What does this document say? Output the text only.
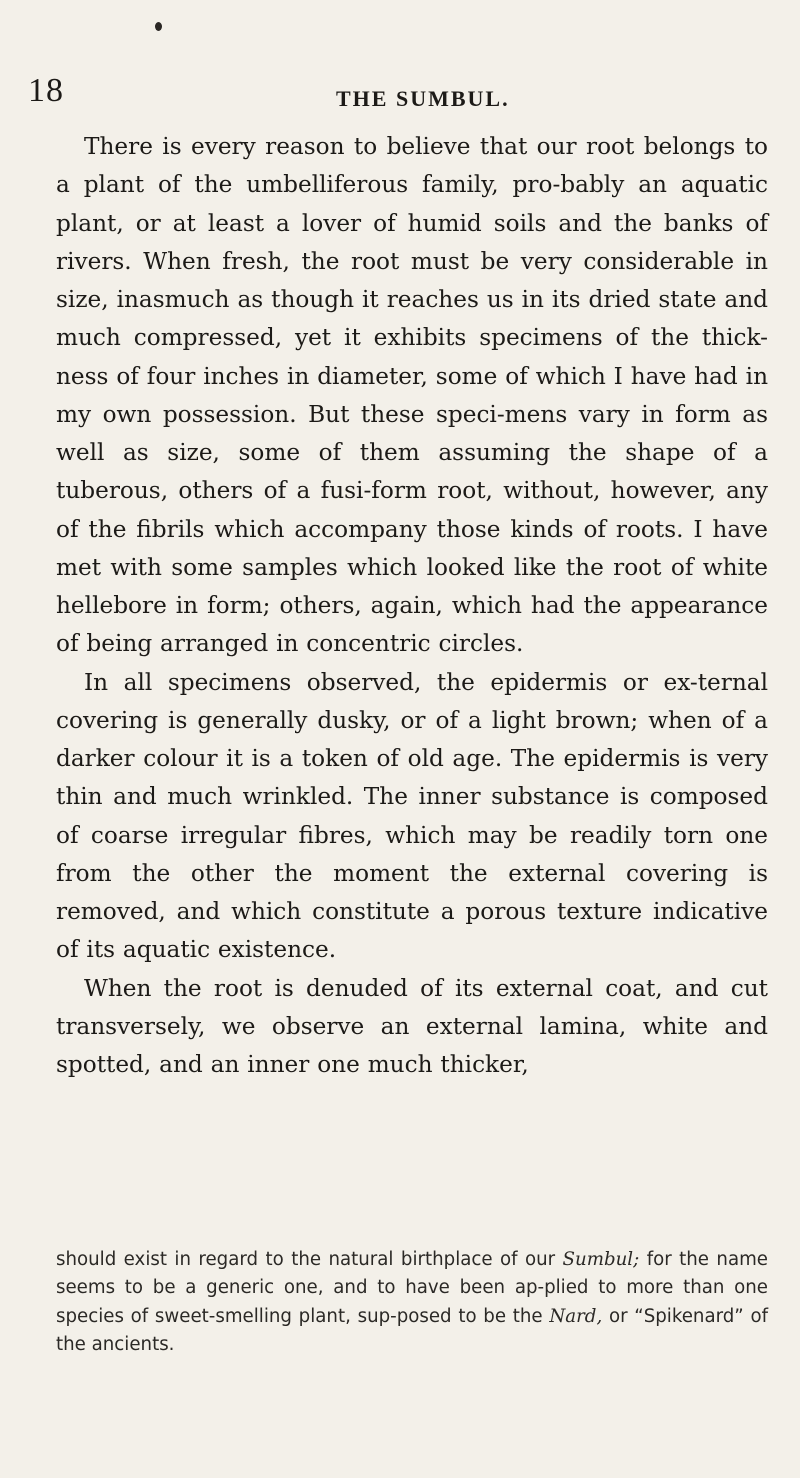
18	THE SUMBUL.

There is every reason to believe that our root belongs to a plant of the umbelliferous family, pro-bably an aquatic plant, or at least a lover of humid soils and the banks of rivers. When fresh, the root must be very considerable in size, inasmuch as though it reaches us in its dried state and much compressed, yet it exhibits specimens of the thick-ness of four inches in diameter, some of which I have had in my own possession. But these speci-mens vary in form as well as size, some of them assuming the shape of a tuberous, others of a fusi-form root, without, however, any of the fibrils which accompany those kinds of roots. I have met with some samples which looked like the root of white hellebore in form; others, again, which had the appearance of being arranged in concentric circles.

In all specimens observed, the epidermis or ex-ternal covering is generally dusky, or of a light brown; when of a darker colour it is a token of old age. The epidermis is very thin and much wrinkled. The inner substance is composed of coarse irregular fibres, which may be readily torn one from the other the moment the external covering is removed, and which constitute a porous texture indicative of its aquatic existence.

When the root is denuded of its external coat, and cut transversely, we observe an external lamina, white and spotted, and an inner one much thicker,

should exist in regard to the natural birthplace of our Sumbul; for the name seems to be a generic one, and to have been ap-plied to more than one species of sweet-smelling plant, sup-posed to be the Nard, or “Spikenard” of the ancients.
